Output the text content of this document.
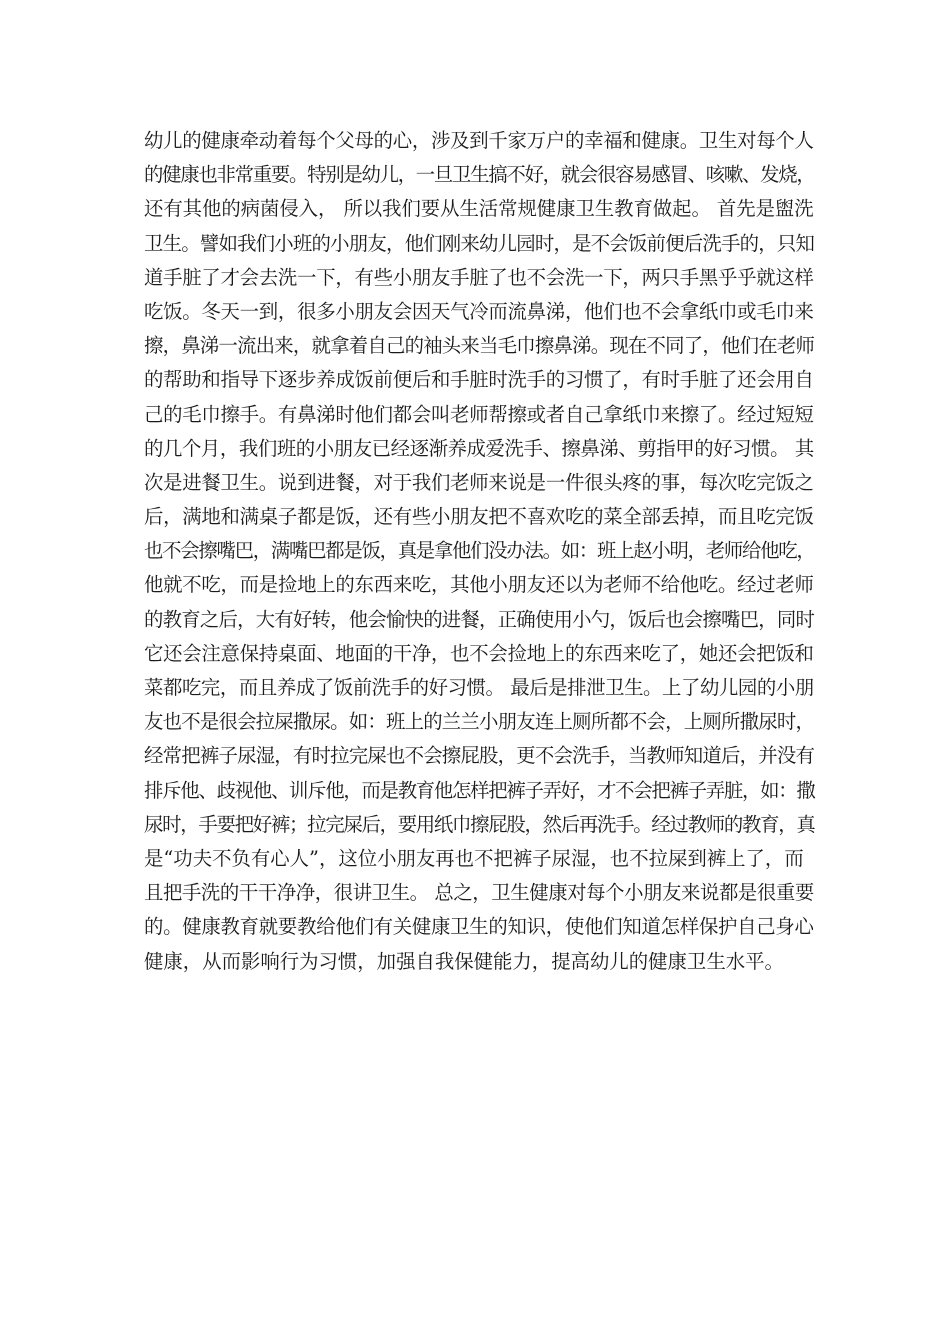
幼儿的健康牵动着每个父母的心，涉及到千家万户的幸福和健康。卫生对每个人
的健康也非常重要。特别是幼儿，一旦卫生搞不好，就会很容易感冒、咳嗽、发烧，
还有其他的病菌侵入， 所以我们要从生活常规健康卫生教育做起。 首先是盥洗
卫生。譬如我们小班的小朋友，他们刚来幼儿园时，是不会饭前便后洗手的，只知
道手脏了才会去洗一下，有些小朋友手脏了也不会洗一下，两只手黑乎乎就这样
吃饭。冬天一到，很多小朋友会因天气冷而流鼻涕，他们也不会拿纸巾或毛巾来
擦，鼻涕一流出来，就拿着自己的袖头来当毛巾擦鼻涕。现在不同了，他们在老师
的帮助和指导下逐步养成饭前便后和手脏时洗手的习惯了，有时手脏了还会用自
己的毛巾擦手。有鼻涕时他们都会叫老师帮擦或者自己拿纸巾来擦了。经过短短
的几个月，我们班的小朋友已经逐渐养成爱洗手、擦鼻涕、剪指甲的好习惯。 其
次是进餐卫生。说到进餐，对于我们老师来说是一件很头疼的事，每次吃完饭之
后，满地和满桌子都是饭，还有些小朋友把不喜欢吃的菜全部丢掉，而且吃完饭
也不会擦嘴巴，满嘴巴都是饭，真是拿他们没办法。如：班上赵小明，老师给他吃，
他就不吃，而是捡地上的东西来吃，其他小朋友还以为老师不给他吃。经过老师
的教育之后，大有好转，他会愉快的进餐，正确使用小勺，饭后也会擦嘴巴，同时
它还会注意保持桌面、地面的干净，也不会捡地上的东西来吃了，她还会把饭和
菜都吃完，而且养成了饭前洗手的好习惯。 最后是排泄卫生。上了幼儿园的小朋
友也不是很会拉屎撒尿。如：班上的兰兰小朋友连上厕所都不会，上厕所撒尿时，
经常把裤子尿湿，有时拉完屎也不会擦屁股，更不会洗手，当教师知道后，并没有
排斥他、歧视他、训斥他，而是教育他怎样把裤子弄好，才不会把裤子弄脏，如：撒
尿时，手要把好裤；拉完屎后，要用纸巾擦屁股，然后再洗手。经过教师的教育，真
是“功夫不负有心人”，这位小朋友再也不把裤子尿湿，也不拉屎到裤上了，而
且把手洗的干干净净，很讲卫生。 总之，卫生健康对每个小朋友来说都是很重要
的。健康教育就要教给他们有关健康卫生的知识，使他们知道怎样保护自己身心
健康，从而影响行为习惯，加强自我保健能力，提高幼儿的健康卫生水平。
